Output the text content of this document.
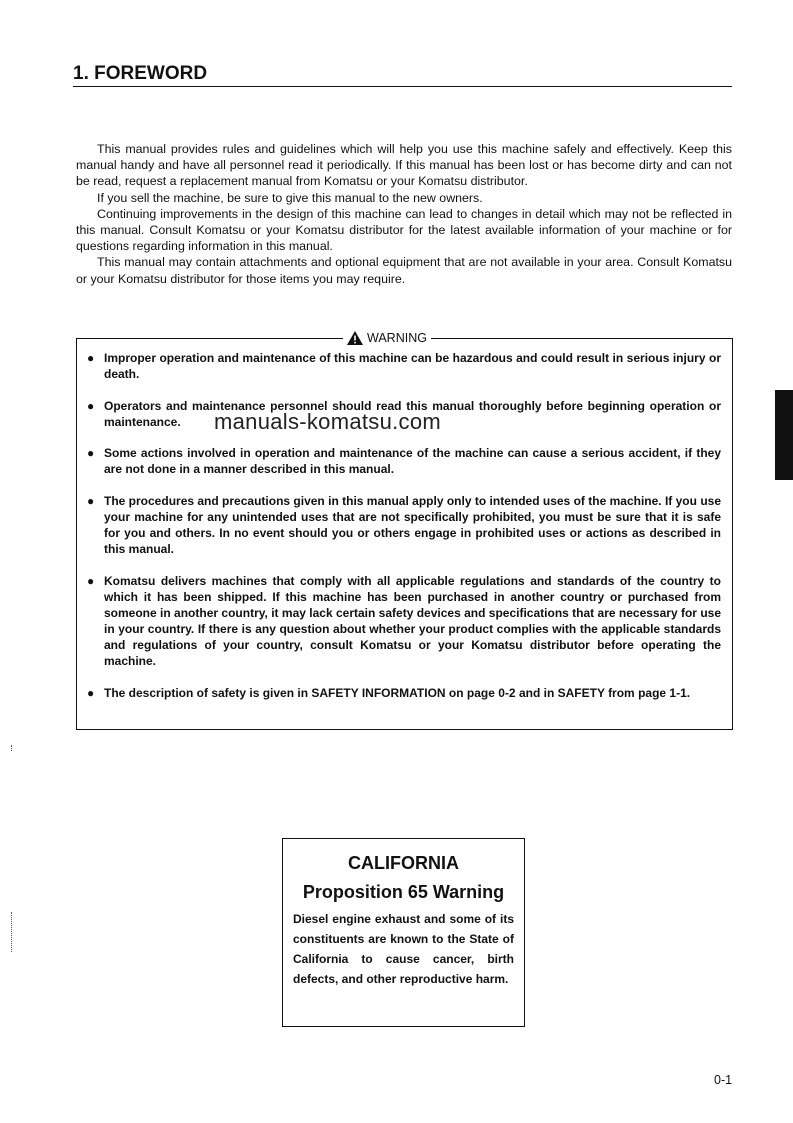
1. FOREWORD

This manual provides rules and guidelines which will help you use this machine safely and effectively. Keep this manual handy and have all personnel read it periodically. If this manual has been lost or has become dirty and can not be read, request a replacement manual from Komatsu or your Komatsu distributor.

If you sell the machine, be sure to give this manual to the new owners.

Continuing improvements in the design of this machine can lead to changes in detail which may not be reflected in this manual. Consult Komatsu or your Komatsu distributor for the latest available information of your machine or for questions regarding information in this manual.

This manual may contain attachments and optional equipment that are not available in your area. Consult Komatsu or your Komatsu distributor for those items you may require.

WARNING
● Improper operation and maintenance of this machine can be hazardous and could result in serious injury or death.
● Operators and maintenance personnel should read this manual thoroughly before beginning operation or maintenance.
● Some actions involved in operation and maintenance of the machine can cause a serious accident, if they are not done in a manner described in this manual.
● The procedures and precautions given in this manual apply only to intended uses of the machine. If you use your machine for any unintended uses that are not specifically prohibited, you must be sure that it is safe for you and others. In no event should you or others engage in prohibited uses or actions as described in this manual.
● Komatsu delivers machines that comply with all applicable regulations and standards of the country to which it has been shipped. If this machine has been purchased in another country or purchased from someone in another country, it may lack certain safety devices and specifications that are necessary for use in your country. If there is any question about whether your product complies with the applicable standards and regulations of your country, consult Komatsu or your Komatsu distributor before operating the machine.
● The description of safety is given in SAFETY INFORMATION on page 0-2 and in SAFETY from page 1-1.
manuals-komatsu.com
CALIFORNIA
Proposition 65 Warning

Diesel engine exhaust and some of its constituents are known to the State of California to cause cancer, birth defects, and other reproductive harm.

0-1
